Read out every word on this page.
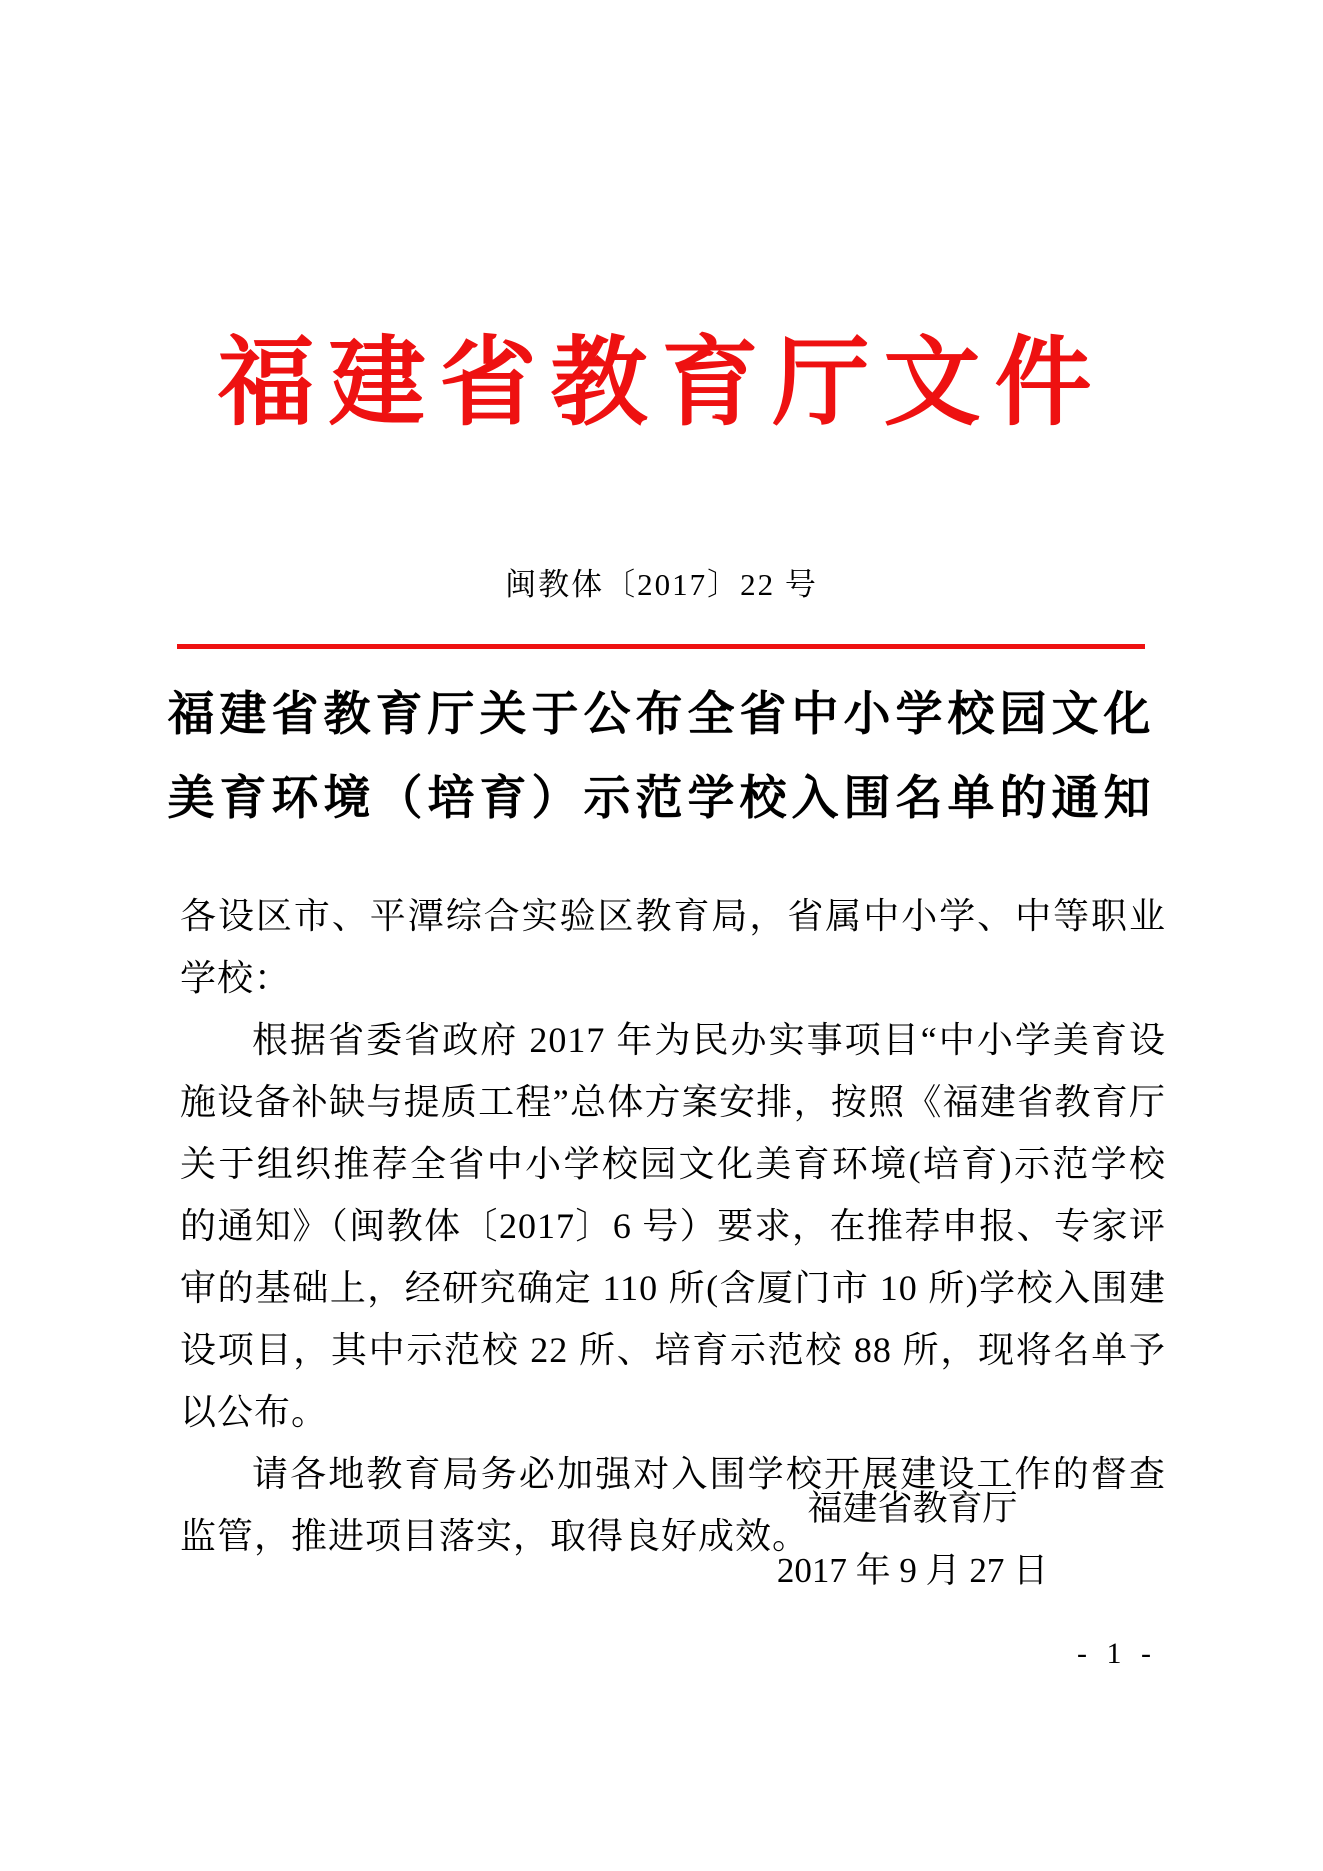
福建省教育厅文件
闽教体〔2017〕22 号
福建省教育厅关于公布全省中小学校园文化
美育环境（培育）示范学校入围名单的通知

各设区市、平潭综合实验区教育局，省属中小学、中等职业学校：

根据省委省政府 2017 年为民办实事项目“中小学美育设施设备补缺与提质工程”总体方案安排，按照《福建省教育厅关于组织推荐全省中小学校园文化美育环境(培育)示范学校的通知》（闽教体〔2017〕6 号）要求，在推荐申报、专家评审的基础上，经研究确定 110 所(含厦门市 10 所)学校入围建设项目，其中示范校 22 所、培育示范校 88 所，现将名单予以公布。

请各地教育局务必加强对入围学校开展建设工作的督查监管，推进项目落实，取得良好成效。

福建省教育厅
2017 年 9 月 27 日
- 1 -
